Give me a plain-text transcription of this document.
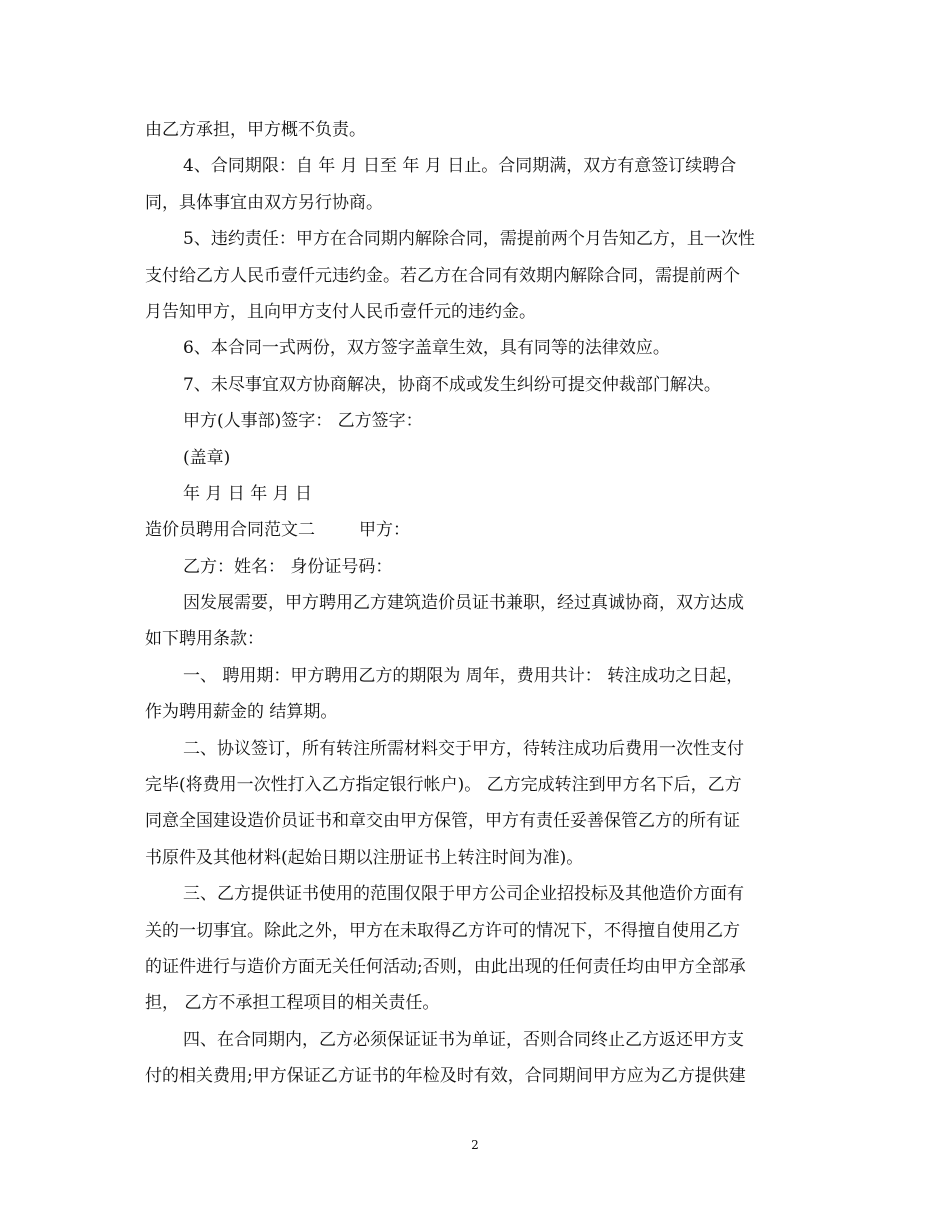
由乙方承担，甲方概不负责。
4、合同期限：自 年 月 日至 年 月 日止。合同期满，双方有意签订续聘合
同，具体事宜由双方另行协商。
5、违约责任：甲方在合同期内解除合同，需提前两个月告知乙方，且一次性
支付给乙方人民币壹仟元违约金。若乙方在合同有效期内解除合同，需提前两个
月告知甲方，且向甲方支付人民币壹仟元的违约金。
6、本合同一式两份，双方签字盖章生效，具有同等的法律效应。
7、未尽事宜双方协商解决，协商不成或发生纠纷可提交仲裁部门解决。
甲方(人事部)签字： 乙方签字：
(盖章)
年 月 日 年 月 日
造价员聘用合同范文二	甲方：
乙方：姓名： 身份证号码：
因发展需要，甲方聘用乙方建筑造价员证书兼职，经过真诚协商，双方达成
如下聘用条款：
一、 聘用期：甲方聘用乙方的期限为 周年，费用共计： 转注成功之日起，
作为聘用薪金的 结算期。
二、协议签订，所有转注所需材料交于甲方，待转注成功后费用一次性支付
完毕(将费用一次性打入乙方指定银行帐户)。 乙方完成转注到甲方名下后，乙方
同意全国建设造价员证书和章交由甲方保管，甲方有责任妥善保管乙方的所有证
书原件及其他材料(起始日期以注册证书上转注时间为准)。
三、乙方提供证书使用的范围仅限于甲方公司企业招投标及其他造价方面有
关的一切事宜。除此之外，甲方在未取得乙方许可的情况下，不得擅自使用乙方
的证件进行与造价方面无关任何活动;否则，由此出现的任何责任均由甲方全部承
担， 乙方不承担工程项目的相关责任。
四、在合同期内，乙方必须保证证书为单证，否则合同终止乙方返还甲方支
付的相关费用;甲方保证乙方证书的年检及时有效，合同期间甲方应为乙方提供建
2
